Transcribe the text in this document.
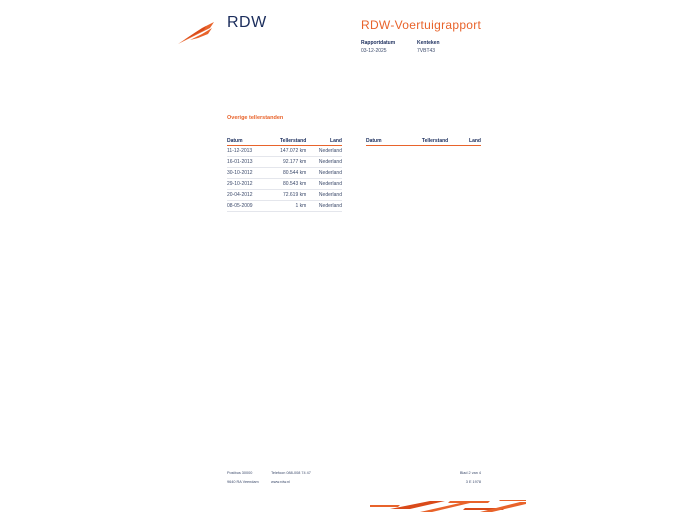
RDW	RDW-Voertuigrapport
Rapportdatum
03-12-2025
Kenteken
7VBT43
Overige tellerstanden
Datum	Tellerstand	Land
11-12-2013	147.072 km	Nederland
16-01-2013	92.177 km	Nederland
30-10-2012	80.544 km	Nederland
29-10-2012	80.543 km	Nederland
20-04-2012	72.619 km	Nederland
08-05-2009	1 km	Nederland
Datum	Tellerstand	Land
Postbus 30000
9640 RA Veendam
Telefoon 088-008 74 47
www.rdw.nl
Blad 2 van 4
3 E 1978
